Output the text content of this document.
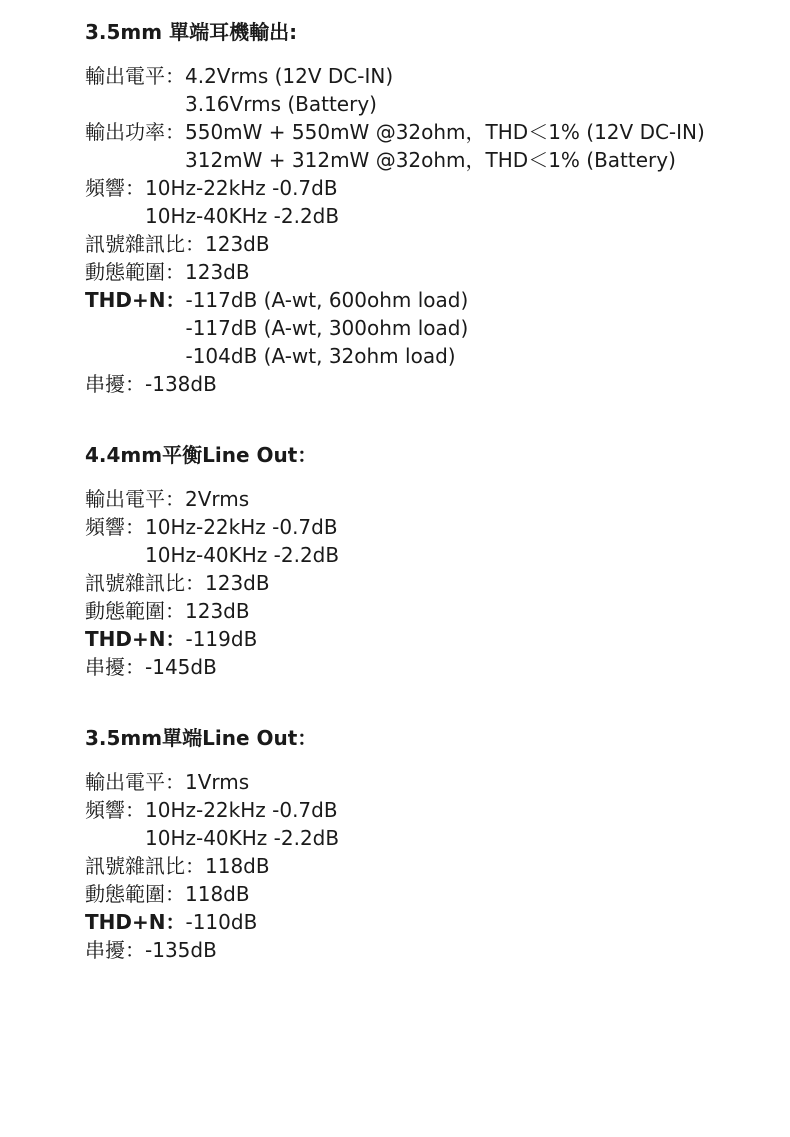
3.5mm 單端耳機輸出:
輸出電平： 4.2Vrms (12V DC-IN)
3.16Vrms (Battery)
輸出功率： 550mW + 550mW @32ohm，THD＜1% (12V DC-IN)
312mW + 312mW @32ohm，THD＜1% (Battery)
頻響： 10Hz-22kHz -0.7dB
10Hz-40KHz -2.2dB
訊號雜訊比： 123dB
動態範圍： 123dB
THD+N： -117dB (A-wt, 600ohm load)
-117dB (A-wt, 300ohm load)
-104dB (A-wt, 32ohm load)
串擾： -138dB
4.4mm平衡Line Out：
輸出電平： 2Vrms
頻響： 10Hz-22kHz -0.7dB
10Hz-40KHz -2.2dB
訊號雜訊比： 123dB
動態範圍： 123dB
THD+N： -119dB
串擾： -145dB
3.5mm單端Line Out：
輸出電平： 1Vrms
頻響： 10Hz-22kHz -0.7dB
10Hz-40KHz -2.2dB
訊號雜訊比： 118dB
動態範圍： 118dB
THD+N： -110dB
串擾： -135dB
